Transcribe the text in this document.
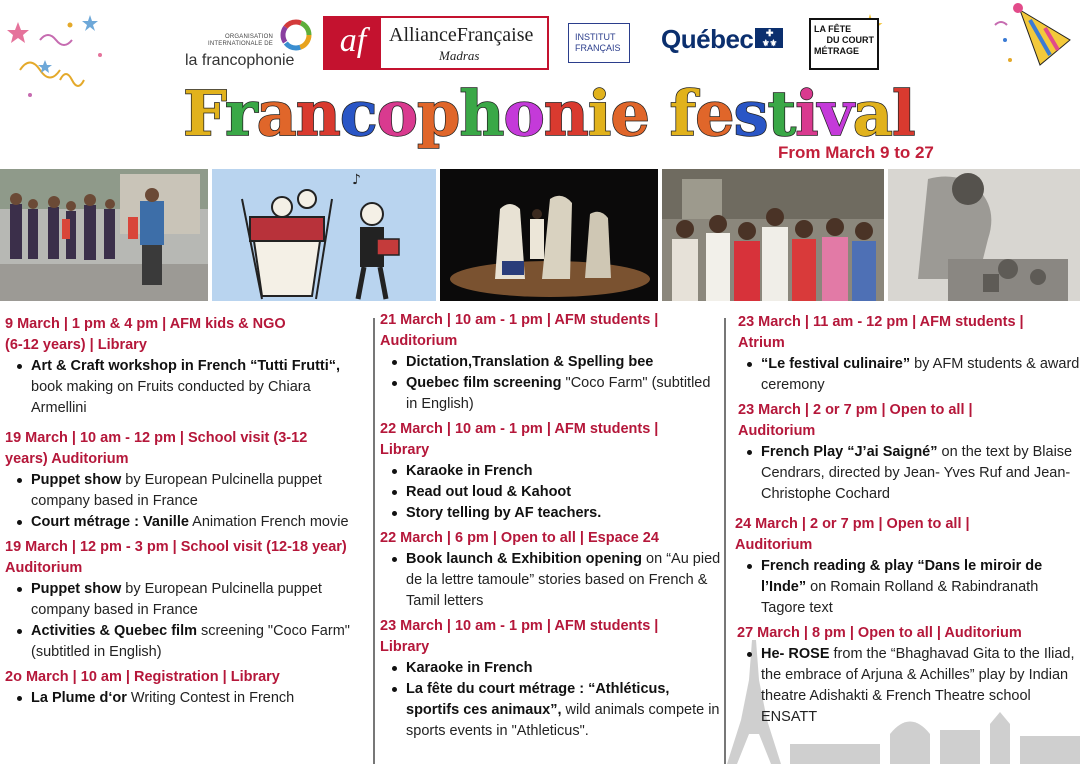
ORGANISATION INTERNATIONALE DE
la francophonie
af	AllianceFrançaise
Madras
INSTITUT FRANÇAIS	Québec ✚
⚜⚜
LA FÊTE
DU COURT
MÉTRAGE
Francophonie festival
From March 9 to 27
♪
9 March | 1 pm & 4 pm | AFM kids & NGO
(6-12 years) | Library
Art & Craft workshop in French “Tutti Frutti“, book making on Fruits conducted by Chiara Armellini
19 March | 10 am - 12 pm | School visit (3-12
years) Auditorium
Puppet show by European Pulcinella puppet company based in France
Court métrage : Vanille Animation French movie
19 March | 12 pm - 3 pm | School visit (12-18 year)
Auditorium
Puppet show by European Pulcinella puppet company based in France
Activities & Quebec film screening "Coco Farm" (subtitled in English)
2o March | 10 am | Registration | Library
La Plume d‘or Writing Contest in French
21 March | 10 am - 1 pm | AFM students |
Auditorium
Dictation,Translation & Spelling bee
Quebec film screening "Coco Farm" (subtitled in English)
22 March | 10 am - 1 pm | AFM students |
Library
Karaoke in French
Read out loud & Kahoot
Story telling by AF teachers.
22 March | 6 pm | Open to all | Espace 24
Book launch & Exhibition opening on “Au pied de la lettre tamoule” stories based on French & Tamil letters
23 March | 10 am - 1 pm | AFM students |
Library
Karaoke in French
La fête du court métrage : “Athléticus, sportifs ces animaux”, wild animals compete in sports events in "Athleticus".
23 March | 11 am - 12 pm | AFM students |
Atrium
“Le festival culinaire” by AFM students & award ceremony
23 March | 2 or 7 pm | Open to all |
Auditorium
French Play “J’ai Saigné” on the text by Blaise Cendrars, directed by Jean- Yves Ruf and Jean-Christophe Cochard
24 March | 2 or 7 pm | Open to all |
Auditorium
French reading & play “Dans le miroir de l’Inde” on Romain Rolland & Rabindranath Tagore text
27 March | 8 pm | Open to all | Auditorium
He- ROSE from the “Bhaghavad Gita to the Iliad, the embrace of Arjuna & Achilles” play by Indian theatre Adishakti & French Theatre school ENSATT
